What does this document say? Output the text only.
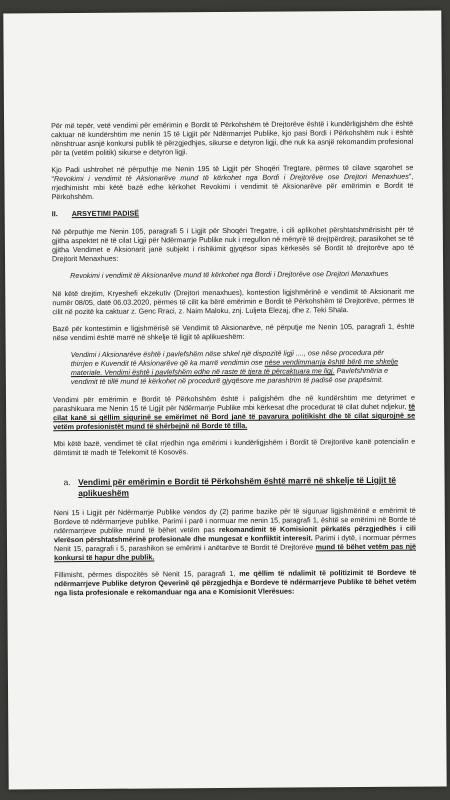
Për më tepër, vetë vendimi për emërimin e Bordit të Përkohshëm të Drejtorëve është i kundërligjshëm dhe është caktuar në kundërshtim me nenin 15 të Ligjit për Ndërmarrjet Publike, kjo pasi Bordi i Përkohshëm nuk i është nënshtruar asnjë konkursi publik të përzgjedhjes, sikurse e detyron ligji, dhe nuk ka asnjë rekomandim profesional për ta (vetëm politik) sikurse e detyron ligji.

Kjo Padi ushtrohet në përputhje me Nenin 195 të Ligjit për Shoqëri Tregtare, përmes të cilave sqarohet se "Revokimi i vendimit të Aksionarëve mund të kërkohet nga Bordi i Drejtorëve ose Drejtori Menaxhues", rrjedhimisht mbi këtë bazë edhe kërkohet Revokimi i vendimit të Aksionarëve për emërimin e Bordit të Përkohshëm.

II.	ARSYETIMI PADISË

Në përputhje me Nenin 105, paragrafi 5 i Ligjit për Shoqëri Tregatre, i cili aplikohet përshtatshmërisisht për të gjitha aspektet në të cilat Ligji për Ndërmarrje Publike nuk i rregullon në mënyrë të drejtpërdrejt, parasikohet se të gjitha Vendimet e Aksionarit janë subjekt i rishikimit gjyqësor sipas kërkesës së Bordit të drejtorëve apo të Drejtorit Menaxhues:

Revokimi i vendimit të Aksionarëve mund të kërkohet nga Bordi i Drejtorëve ose Drejtori Menaxhues

Në këtë drejtim, Kryeshefi ekzekutiv (Drejtori menaxhues), kontestion ligjshmërinë e vendimit të Aksionarit me numër 08/05, datë 06.03.2020, përmes të cilit ka bërë emërimin e Bordit të Përkohshëm të Drejtorëve, përmes të cilit në pozitë ka caktuar z. Genc Rraci, z. Naim Maloku, znj. Luljeta Elezaj, dhe z. Teki Shala.

Bazë për kontestimin e ligjshmërisë së Vendimit të Aksionarëve, në përputje me Nenin 105, paragrafi 1, është nëse vendimi është marrë në shkelje të ligjit të aplikueshëm:

Vendimi i Aksionarëve është i pavlefshëm nëse shkel një dispozitë ligji ...., ose nëse procedura për thirrjen e Kuvendit të Aksionarëve që ka marrë vendimin ose nëse vendimmarrja është bërë me shkelje materiale. Vendimi është i pavlefshëm edhe në raste të tjera të përcaktuara me ligj. Pavlefshmëria e vendimit të tillë mund të kërkohet në procedurë gjyqësore me parashtrim të padisë ose prapësimit.

Vendimi për emërimin e Bordit të Përkohshëm është i paligjshëm dhe në kundërshtim me detyrimet e parashikuara me Nenin 15 të Ligjit për Ndërmarrje Publike mbi kërkesat dhe procedurat të cilat duhet ndjekur, të cilat kanë si qëllim sigurinë se emërimet në Bord janë të pavarura politikisht dhe të cilat sigurojnë se vetëm profesionistët mund të shërbejnë në Borde të tilla.

Mbi këtë bazë, vendimet të cilat rrjedhin nga emërimi i kundërligjshëm i Bordit të Drejtorëve kanë potencialin e dëmtimit të madh të Telekomit të Kosovës.

a. Vendimi për emërimin e Bordit të Përkohshëm është marrë në shkelje të Ligjit të aplikueshëm

Neni 15 i Ligjit për Ndërmarrje Publike vendos dy (2) parime bazike për të siguruar ligjshmërinë e emërimit të Bordeve të ndërmarrjeve publike. Parimi i parë i normuar me nenin 15, paragrafi 1, është se emërimi në Borde të ndërmarrjeve publike mund të bëhet vetëm pas rekomandimit të Komisionit përkatës përzgjedhës i cili vlerëson përshtatshmërinë profesionale dhe mungesat e konfliktit interesit. Parimi i dytë, i normuar përmes Nenit 15, paragrafi i 5, parashikon se emërimi i anëtarëve të Bordit të Drejtorëve mund të bëhet vetëm pas një konkursi të hapur dhe publik.

Fillimisht, përmes dispozitës së Nenit 15, paragrafi 1, me qëllim të ndalimit të politizimit të Bordeve të ndërmarrjeve Publike detyron Qeverinë që përzgjedhja e Bordeve të ndërmarrjeve Publike të bëhet vetëm nga lista profesionale e rekomanduar nga ana e Komisionit Vlerësues:
